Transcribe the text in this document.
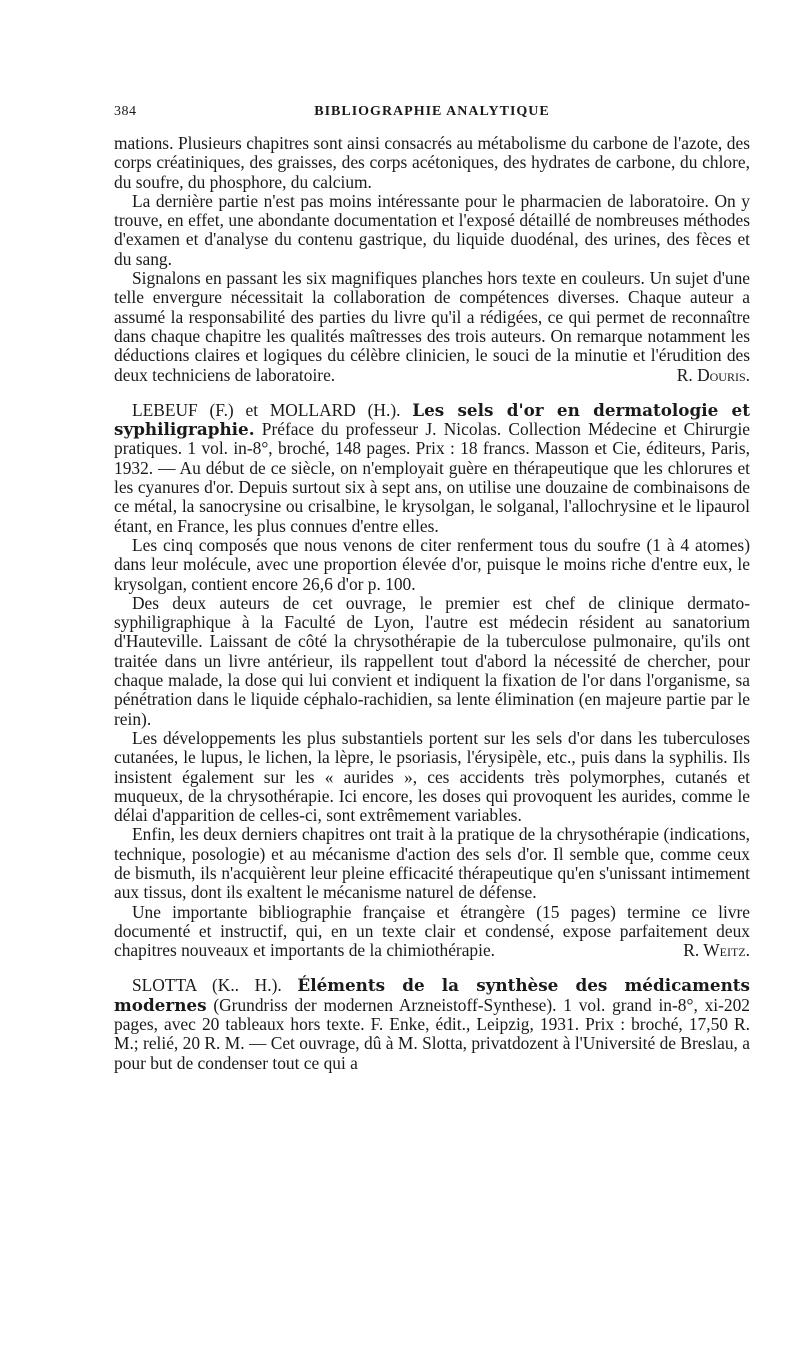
384	BIBLIOGRAPHIE ANALYTIQUE

mations. Plusieurs chapitres sont ainsi consacrés au métabolisme du carbone de l'azote, des corps créatiniques, des graisses, des corps acétoniques, des hydrates de carbone, du chlore, du soufre, du phosphore, du calcium.

La dernière partie n'est pas moins intéressante pour le pharmacien de laboratoire. On y trouve, en effet, une abondante documentation et l'exposé détaillé de nombreuses méthodes d'examen et d'analyse du contenu gastrique, du liquide duodénal, des urines, des fèces et du sang.

Signalons en passant les six magnifiques planches hors texte en couleurs. Un sujet d'une telle envergure nécessitait la collaboration de compétences diverses. Chaque auteur a assumé la responsabilité des parties du livre qu'il a rédigées, ce qui permet de reconnaître dans chaque chapitre les qualités maîtresses des trois auteurs. On remarque notamment les déductions claires et logiques du célèbre clinicien, le souci de la minutie et l'érudition des deux techniciens de laboratoire.	R. Douris.

LEBEUF (F.) et MOLLARD (H.). Les sels d'or en dermatologie et syphiligraphie. Préface du professeur J. Nicolas. Collection Médecine et Chirurgie pratiques. 1 vol. in-8°, broché, 148 pages. Prix : 18 francs. Masson et Cie, éditeurs, Paris, 1932. — Au début de ce siècle, on n'employait guère en thérapeutique que les chlorures et les cyanures d'or. Depuis surtout six à sept ans, on utilise une douzaine de combinaisons de ce métal, la sanocrysine ou crisalbine, le krysolgan, le solganal, l'allochrysine et le lipaurol étant, en France, les plus connues d'entre elles.

Les cinq composés que nous venons de citer renferment tous du soufre (1 à 4 atomes) dans leur molécule, avec une proportion élevée d'or, puisque le moins riche d'entre eux, le krysolgan, contient encore 26,6 d'or p. 100.

Des deux auteurs de cet ouvrage, le premier est chef de clinique dermato-syphiligraphique à la Faculté de Lyon, l'autre est médecin résident au sanatorium d'Hauteville. Laissant de côté la chrysothérapie de la tuberculose pulmonaire, qu'ils ont traitée dans un livre antérieur, ils rappellent tout d'abord la nécessité de chercher, pour chaque malade, la dose qui lui convient et indiquent la fixation de l'or dans l'organisme, sa pénétration dans le liquide céphalo-rachidien, sa lente élimination (en majeure partie par le rein).

Les développements les plus substantiels portent sur les sels d'or dans les tuberculoses cutanées, le lupus, le lichen, la lèpre, le psoriasis, l'érysipèle, etc., puis dans la syphilis. Ils insistent également sur les « aurides », ces accidents très polymorphes, cutanés et muqueux, de la chrysothérapie. Ici encore, les doses qui provoquent les aurides, comme le délai d'apparition de celles-ci, sont extrêmement variables.

Enfin, les deux derniers chapitres ont trait à la pratique de la chrysothérapie (indications, technique, posologie) et au mécanisme d'action des sels d'or. Il semble que, comme ceux de bismuth, ils n'acquièrent leur pleine efficacité thérapeutique qu'en s'unissant intimement aux tissus, dont ils exaltent le mécanisme naturel de défense.

Une importante bibliographie française et étrangère (15 pages) termine ce livre documenté et instructif, qui, en un texte clair et condensé, expose parfaitement deux chapitres nouveaux et importants de la chimiothérapie.	R. Weitz.

SLOTTA (K.. H.). Éléments de la synthèse des médicaments modernes (Grundriss der modernen Arzneistoff-Synthese). 1 vol. grand in-8°, xi-202 pages, avec 20 tableaux hors texte. F. Enke, édit., Leipzig, 1931. Prix : broché, 17,50 R. M.; relié, 20 R. M. — Cet ouvrage, dû à M. Slotta, privatdozent à l'Université de Breslau, a pour but de condenser tout ce qui a
